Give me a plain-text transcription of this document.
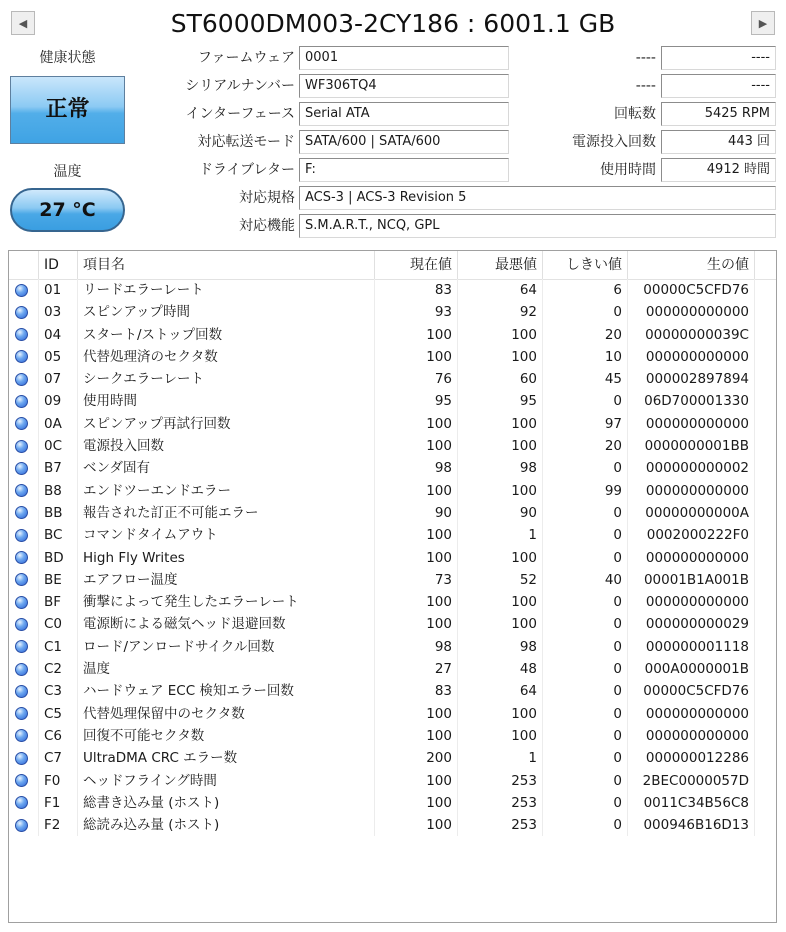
◀	ST6000DM003-2CY186 : 6001.1 GB	▶
健康状態
正常
温度
27 °C
ファームウェア 0001
シリアルナンバー WF306TQ4
インターフェース Serial ATA
対応転送モード SATA/600 | SATA/600
ドライブレター F:
対応規格 ACS-3 | ACS-3 Revision 5
対応機能 S.M.A.R.T., NCQ, GPL
----	----
----	----
回転数	5425 RPM
電源投入回数	443 回
使用時間	4912 時間
ID	項目名	現在値	最悪値	しきい値	生の値
01	リードエラーレート	83	64	6	00000C5CFD76
03	スピンアップ時間	93	92	0	000000000000
04	スタート/ストップ回数	100	100	20	00000000039C
05	代替処理済のセクタ数	100	100	10	000000000000
07	シークエラーレート	76	60	45	000002897894
09	使用時間	95	95	0	06D700001330
0A	スピンアップ再試行回数	100	100	97	000000000000
0C	電源投入回数	100	100	20	0000000001BB
B7	ベンダ固有	98	98	0	000000000002
B8	エンドツーエンドエラー	100	100	99	000000000000
BB	報告された訂正不可能エラー	90	90	0	00000000000A
BC	コマンドタイムアウト	100	1	0	0002000222F0
BD	High Fly Writes	100	100	0	000000000000
BE	エアフロー温度	73	52	40	00001B1A001B
BF	衝撃によって発生したエラーレート	100	100	0	000000000000
C0	電源断による磁気ヘッド退避回数	100	100	0	000000000029
C1	ロード/アンロードサイクル回数	98	98	0	000000001118
C2	温度	27	48	0	000A0000001B
C3	ハードウェア ECC 検知エラー回数	83	64	0	00000C5CFD76
C5	代替処理保留中のセクタ数	100	100	0	000000000000
C6	回復不可能セクタ数	100	100	0	000000000000
C7	UltraDMA CRC エラー数	200	1	0	000000012286
F0	ヘッドフライング時間	100	253	0	2BEC0000057D
F1	総書き込み量 (ホスト)	100	253	0	0011C34B56C8
F2	総読み込み量 (ホスト)	100	253	0	000946B16D13
